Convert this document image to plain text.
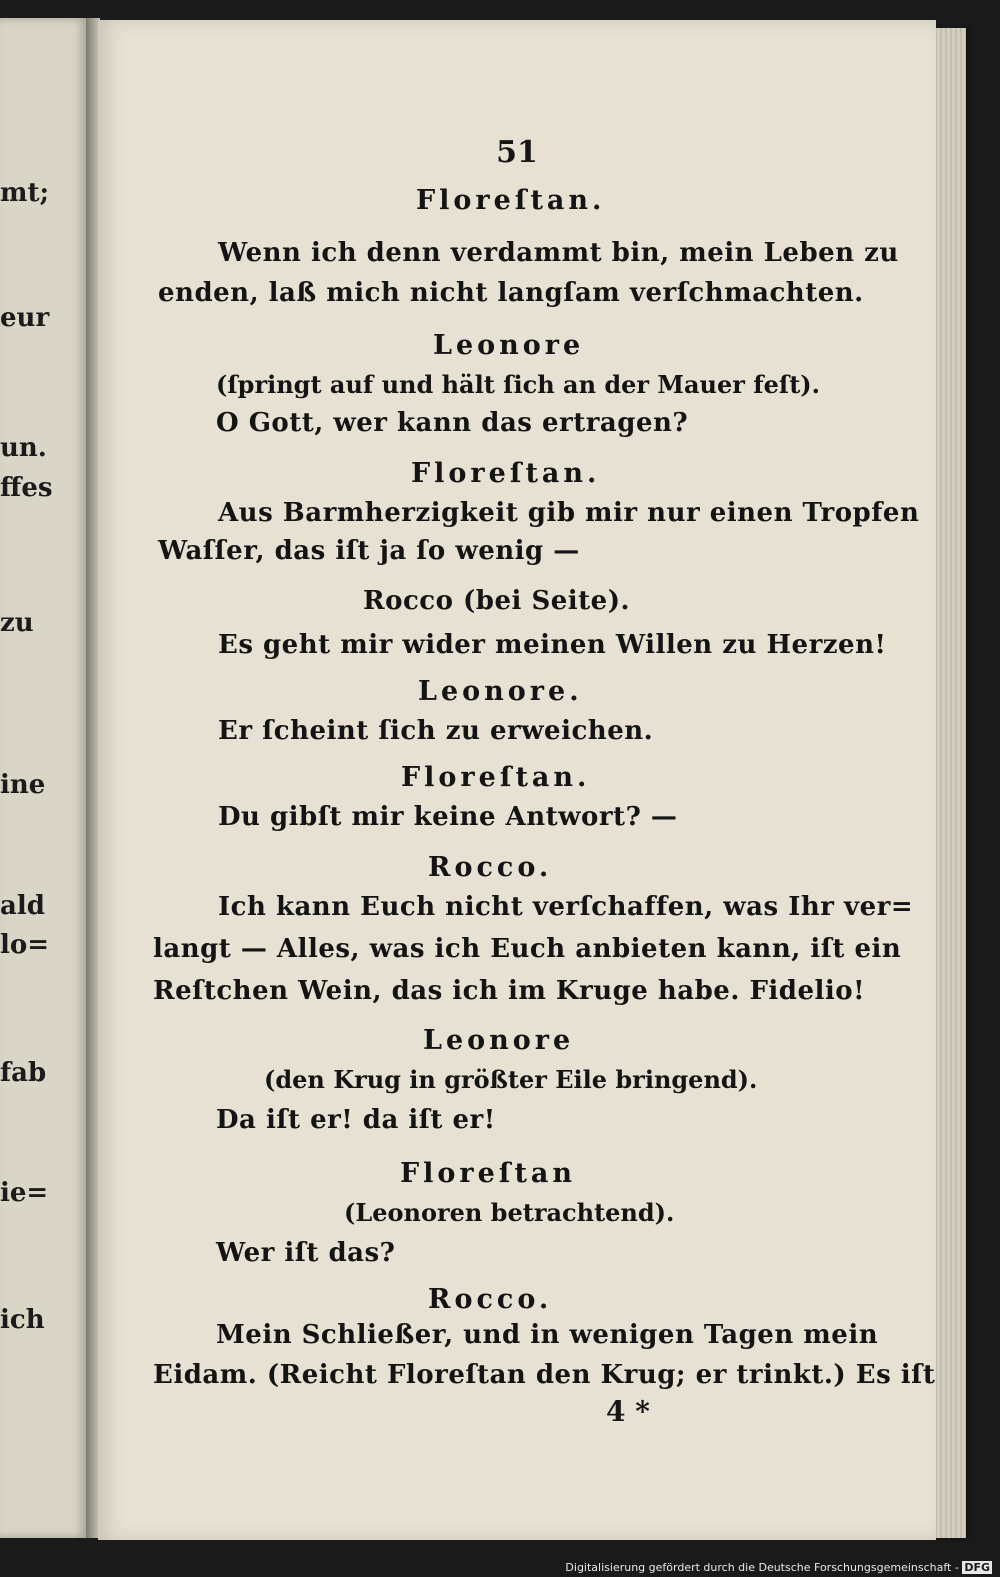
mt;
eur
un.
ffes
zu
ine
ald
lo=
fab
ie=
ich
51
Floreſtan.
Wenn ich denn verdammt bin, mein Leben zu
enden, laß mich nicht langſam verſchmachten.
Leonore
(ſpringt auf und hält ſich an der Mauer feſt).
O Gott, wer kann das ertragen?
Floreſtan.
Aus Barmherzigkeit gib mir nur einen Tropfen
Waſſer, das iſt ja ſo wenig —
Rocco (bei Seite).
Es geht mir wider meinen Willen zu Herzen!
Leonore.
Er ſcheint ſich zu erweichen.
Floreſtan.
Du gibſt mir keine Antwort? —
Rocco.
Ich kann Euch nicht verſchaffen, was Ihr ver=
langt — Alles, was ich Euch anbieten kann, iſt ein
Reſtchen Wein, das ich im Kruge habe. Fidelio!
Leonore
(den Krug in größter Eile bringend).
Da iſt er! da iſt er!
Floreſtan
(Leonoren betrachtend).
Wer iſt das?
Rocco.
Mein Schließer, und in wenigen Tagen mein
Eidam. (Reicht Floreſtan den Krug; er trinkt.) Es iſt
4 *
Digitalisierung gefördert durch die Deutsche Forschungsgemeinschaft - DFG
